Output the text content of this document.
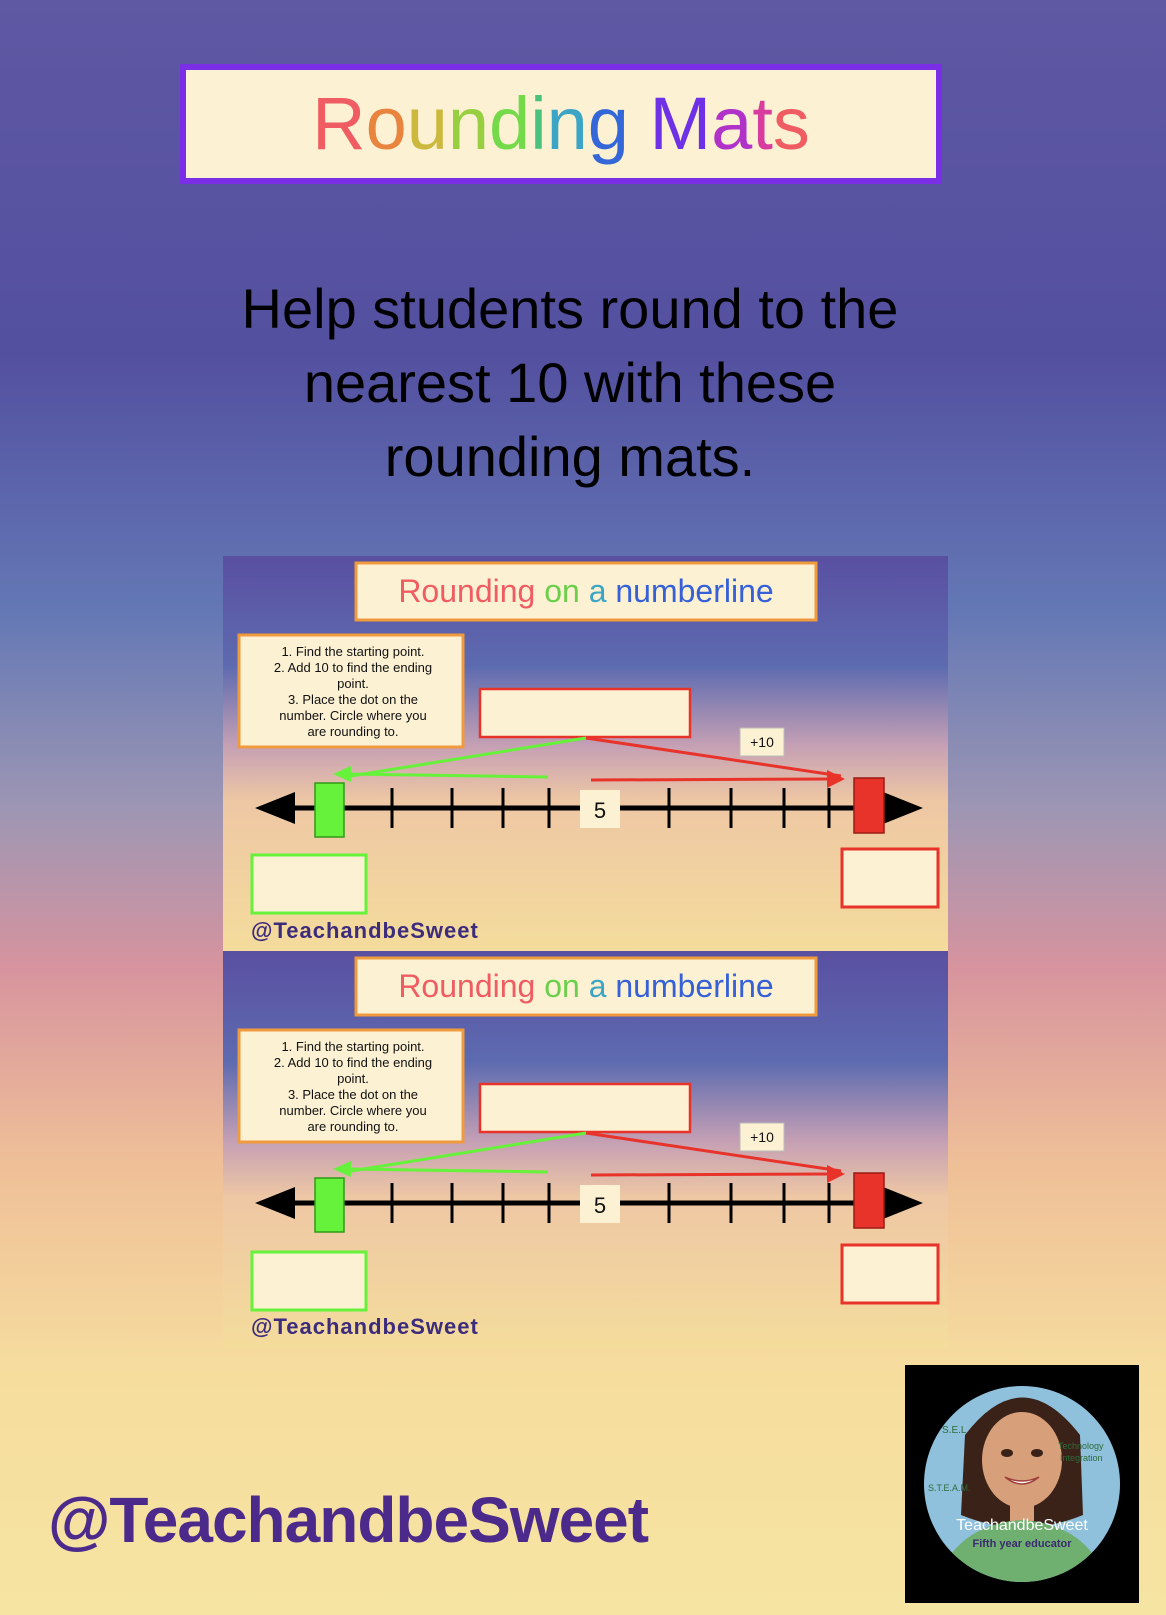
Rounding Mats
Help students round to the
nearest 10 with these
rounding mats.
Rounding on a numberline
1. Find the starting point.
2. Add 10 to find the ending
point.
3. Place the dot on the
number. Circle where you
are rounding to.
+10
5
@TeachandbeSweet
Rounding on a numberline
1. Find the starting point.
2. Add 10 to find the ending
point.
3. Place the dot on the
number. Circle where you
are rounding to.
+10
5
@TeachandbeSweet
@TeachandbeSweet
S.E.L
S.T.E.A.M.
Technology
Integration
TeachandbeSweet
Fifth year educator
